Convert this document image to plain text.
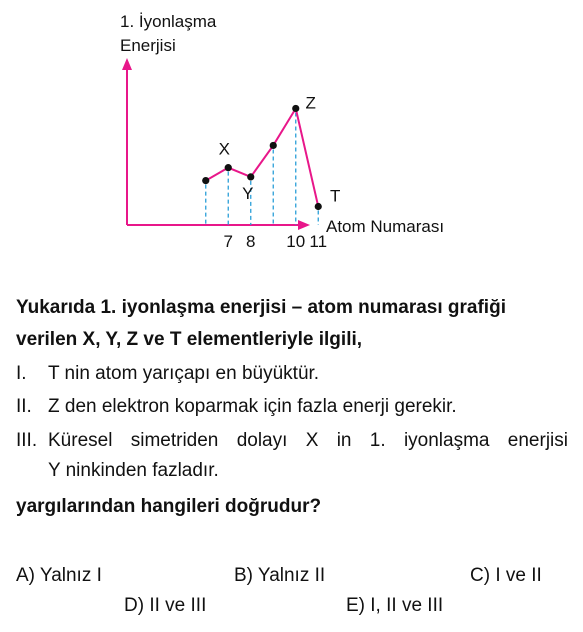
1. İyonlaşma
Enerjisi
X
Y
Z
T
7 8 10 11
Atom Numarası

Yukarıda 1. iyonlaşma enerjisi – atom numarası grafiği

verilen X, Y, Z ve T elementleriyle ilgili,

I. T nin atom yarıçapı en büyüktür.
II. Z den elektron koparmak için fazla enerji gerekir.
III. Küresel simetriden dolayı X in 1. iyonlaşma enerjisi
Y ninkinden fazladır.

yargılarından hangileri doğrudur?

A) Yalnız I	B) Yalnız II	C) I ve II
D) II ve III	E) I, II ve III
